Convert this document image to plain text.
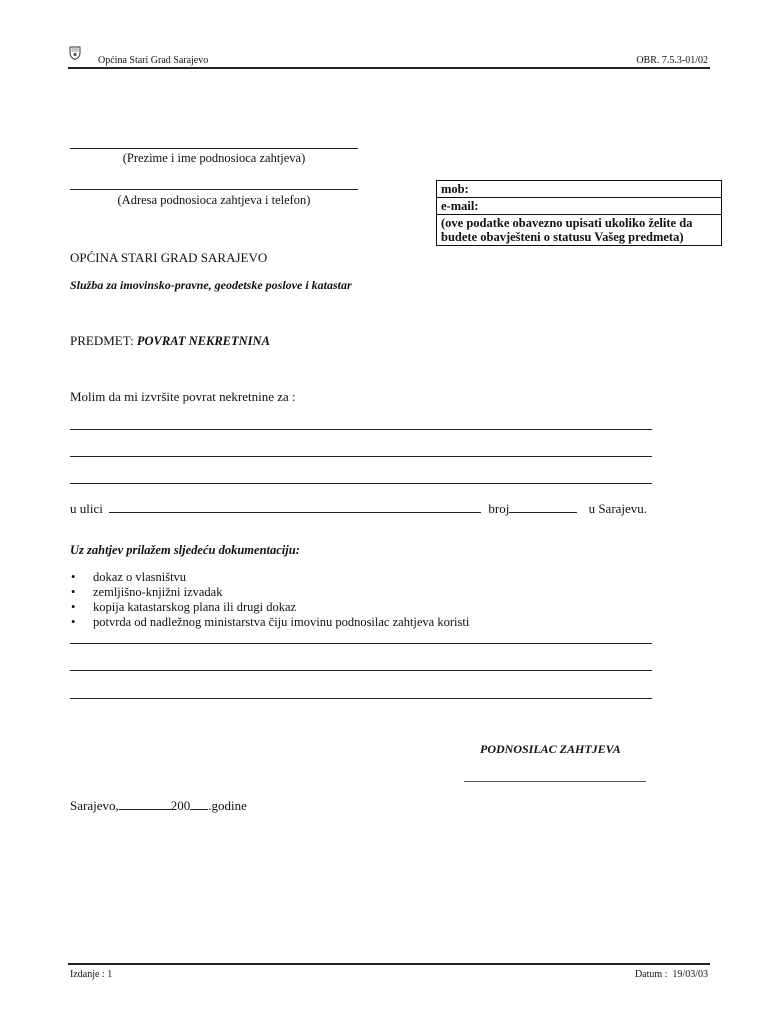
Općina Stari Grad Sarajevo	OBR. 7.5.3-01/02
(Prezime i ime podnosioca zahtjeva)
(Adresa podnosioca zahtjeva i telefon)
mob:
e-mail:
(ove podatke obavezno upisati ukoliko želite da budete obavješteni o statusu Vašeg predmeta)
OPĆINA STARI GRAD SARAJEVO
Služba za imovinsko-pravne, geodetske poslove i katastar
PREDMET: POVRAT NEKRETNINA
Molim da mi izvršite povrat nekretnine za :
u ulici	broj	u Sarajevu.
Uz zahtjev prilažem sljedeću dokumentaciju:
• dokaz o vlasništvu
• zemljišno-knjižni izvadak
• kopija katastarskog plana ili drugi dokaz
• potvrda od nadležnog ministarstva čiju imovinu podnosilac zahtjeva koristi
PODNOSILAC ZAHTJEVA
Sarajevo,	200 .godine
Izdanje : 1	Datum :  19/03/03
